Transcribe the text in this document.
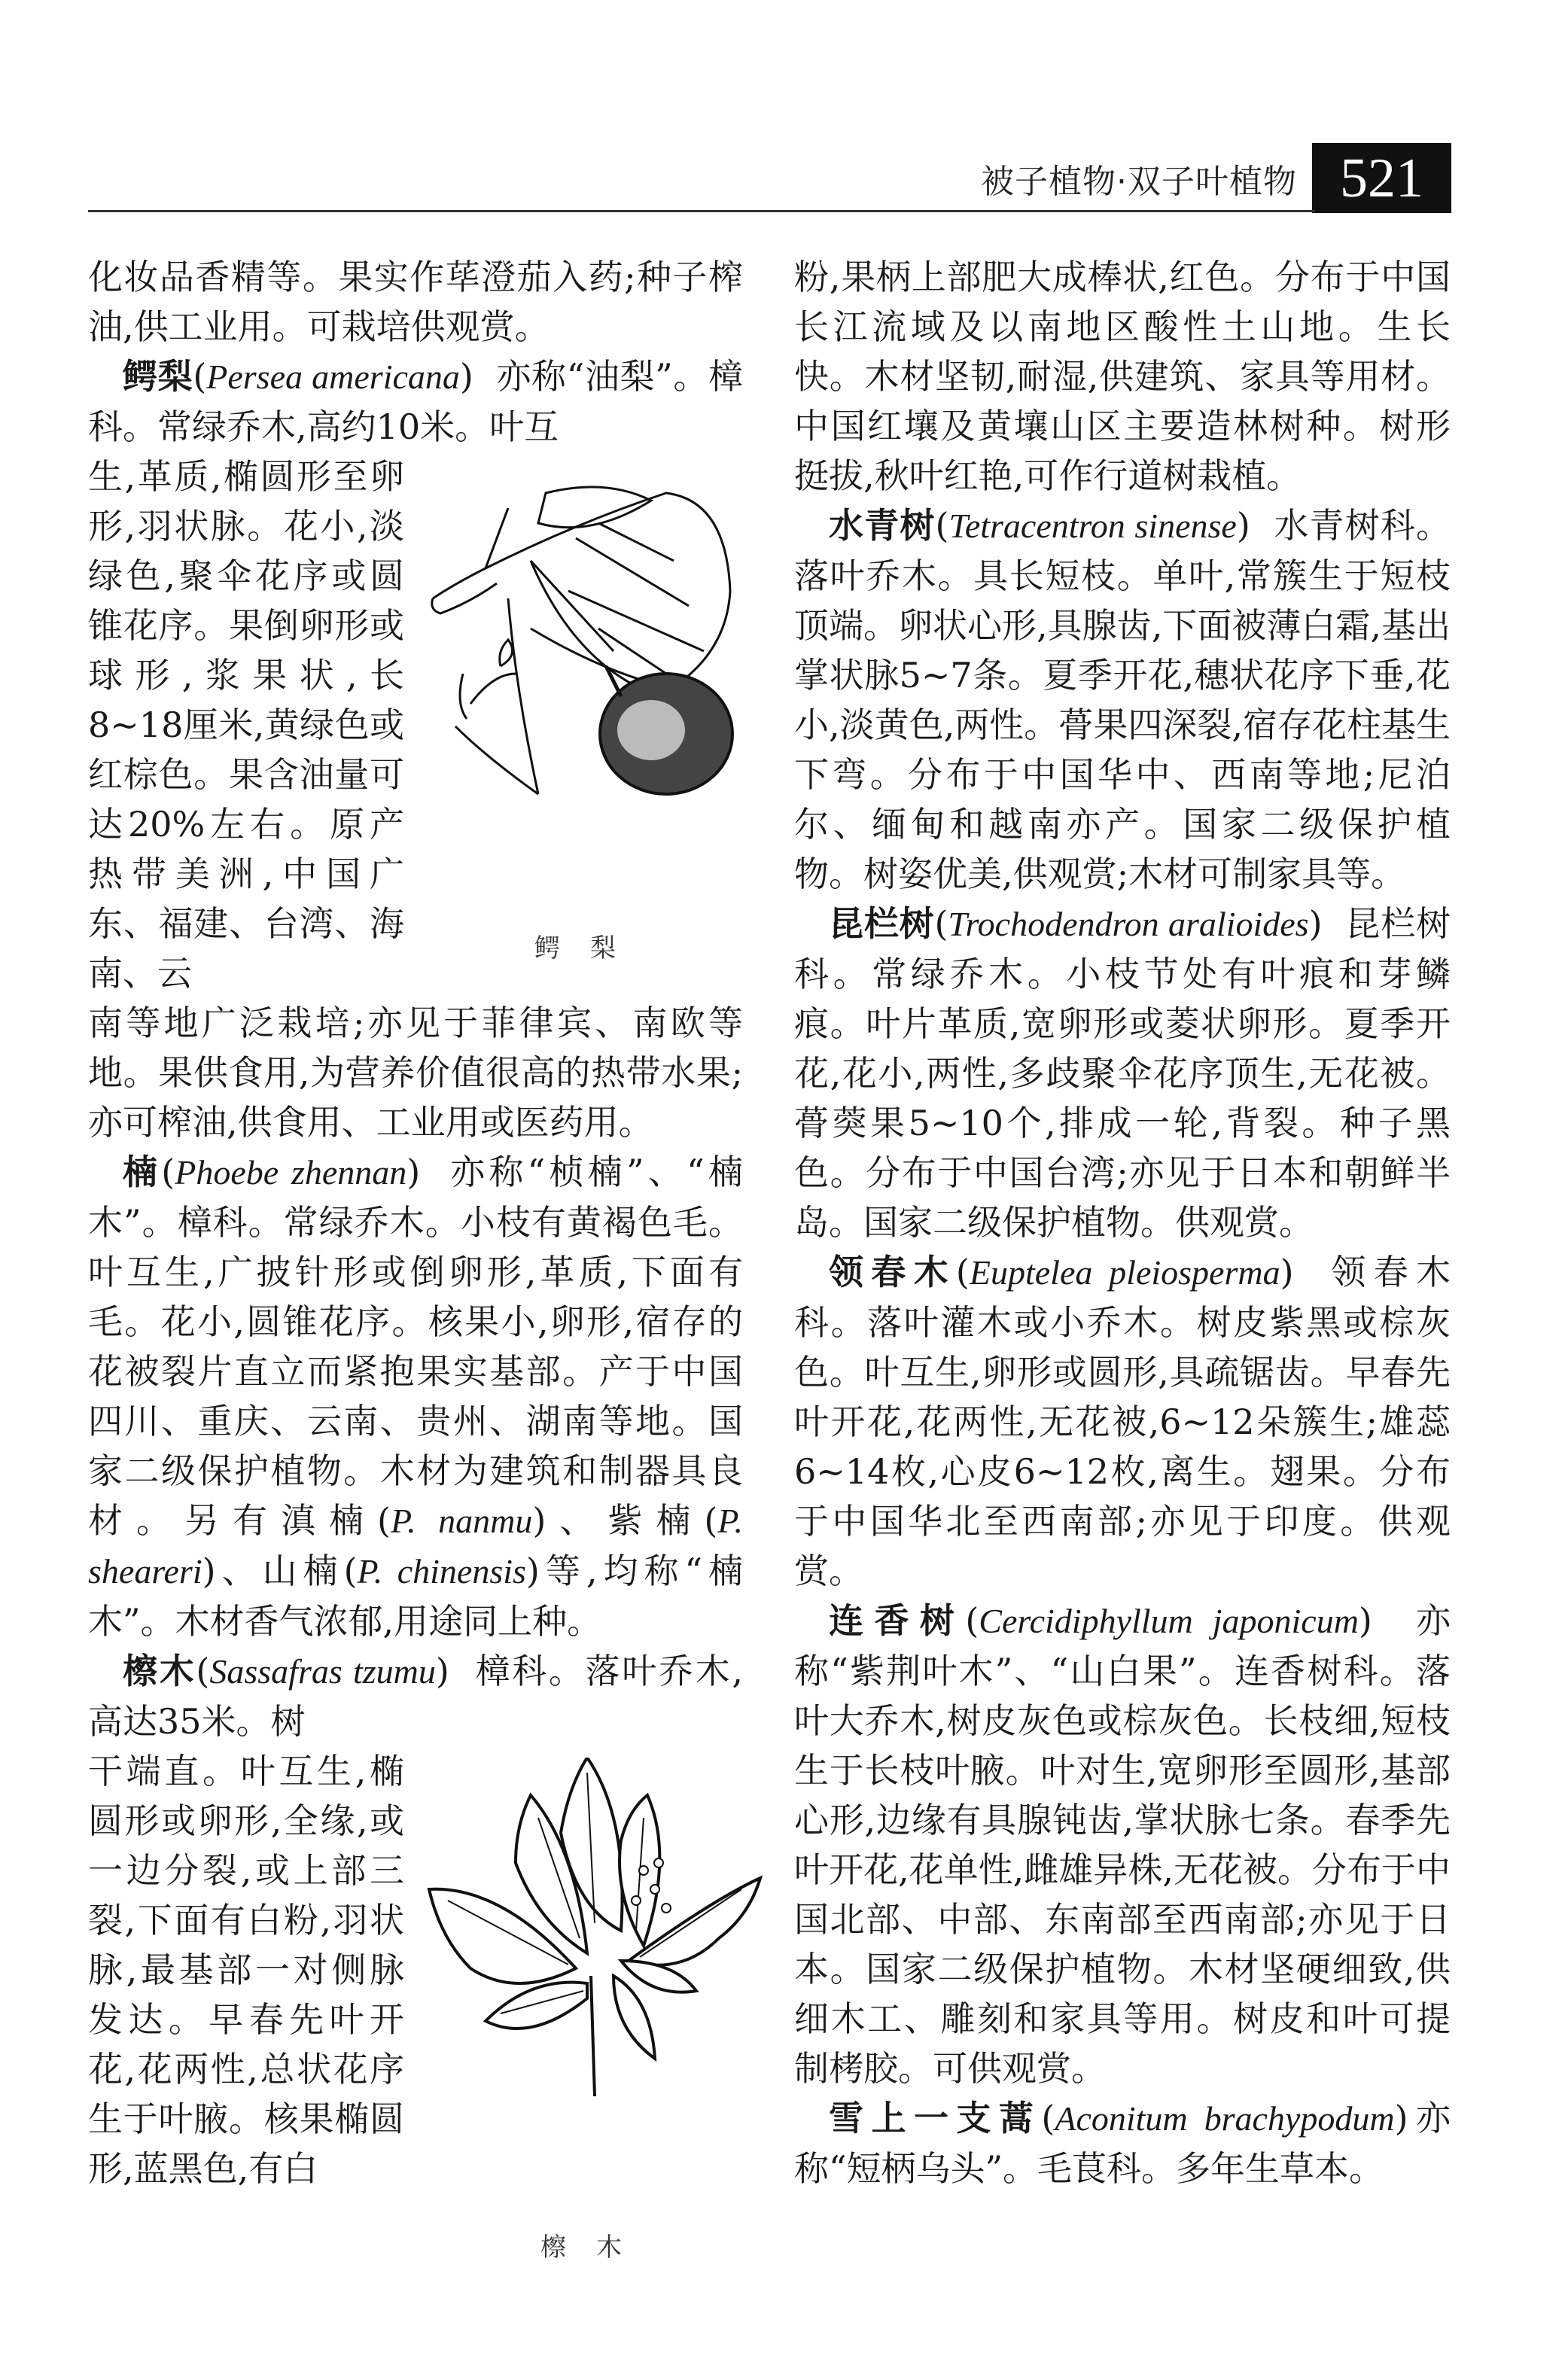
被子植物·双子叶植物 521

化妆品香精等。果实作荜澄茄入药;种子榨油,供工业用。可栽培供观赏。

鳄梨(Persea americana)  亦称“油梨”。樟科。常绿乔木,高约10米。叶互

生,革质,椭圆形至卵形,羽状脉。花小,淡绿色,聚伞花序或圆锥花序。果倒卵形或球形,浆果状,长8~18厘米,黄绿色或红棕色。果含油量可达20%左右。原产热带美洲,中国广东、福建、台湾、海南、云

南等地广泛栽培;亦见于菲律宾、南欧等地。果供食用,为营养价值很高的热带水果;亦可榨油,供食用、工业用或医药用。

楠(Phoebe zhennan)  亦称“桢楠”、“楠木”。樟科。常绿乔木。小枝有黄褐色毛。叶互生,广披针形或倒卵形,革质,下面有毛。花小,圆锥花序。核果小,卵形,宿存的花被裂片直立而紧抱果实基部。产于中国四川、重庆、云南、贵州、湖南等地。国家二级保护植物。木材为建筑和制器具良材。另有滇楠(P. nanmu)、紫楠(P. sheareri)、山楠(P. chinensis)等,均称“楠木”。木材香气浓郁,用途同上种。

檫木(Sassafras tzumu)  樟科。落叶乔木,高达35米。树

干端直。叶互生,椭圆形或卵形,全缘,或一边分裂,或上部三裂,下面有白粉,羽状脉,最基部一对侧脉发达。早春先叶开花,花两性,总状花序生于叶腋。核果椭圆形,蓝黑色,有白

鳄梨
檫木

粉,果柄上部肥大成棒状,红色。分布于中国长江流域及以南地区酸性土山地。生长快。木材坚韧,耐湿,供建筑、家具等用材。中国红壤及黄壤山区主要造林树种。树形挺拔,秋叶红艳,可作行道树栽植。

水青树(Tetracentron sinense)  水青树科。落叶乔木。具长短枝。单叶,常簇生于短枝顶端。卵状心形,具腺齿,下面被薄白霜,基出掌状脉5~7条。夏季开花,穗状花序下垂,花小,淡黄色,两性。蓇果四深裂,宿存花柱基生下弯。分布于中国华中、西南等地;尼泊尔、缅甸和越南亦产。国家二级保护植物。树姿优美,供观赏;木材可制家具等。

昆栏树(Trochodendron aralioides)  昆栏树科。常绿乔木。小枝节处有叶痕和芽鳞痕。叶片革质,宽卵形或菱状卵形。夏季开花,花小,两性,多歧聚伞花序顶生,无花被。蓇葖果5~10个,排成一轮,背裂。种子黑色。分布于中国台湾;亦见于日本和朝鲜半岛。国家二级保护植物。供观赏。

领春木(Euptelea pleiosperma)  领春木科。落叶灌木或小乔木。树皮紫黑或棕灰色。叶互生,卵形或圆形,具疏锯齿。早春先叶开花,花两性,无花被,6~12朵簇生;雄蕊6~14枚,心皮6~12枚,离生。翅果。分布于中国华北至西南部;亦见于印度。供观赏。

连香树(Cercidiphyllum japonicum)  亦称“紫荆叶木”、“山白果”。连香树科。落叶大乔木,树皮灰色或棕灰色。长枝细,短枝生于长枝叶腋。叶对生,宽卵形至圆形,基部心形,边缘有具腺钝齿,掌状脉七条。春季先叶开花,花单性,雌雄异株,无花被。分布于中国北部、中部、东南部至西南部;亦见于日本。国家二级保护植物。木材坚硬细致,供细木工、雕刻和家具等用。树皮和叶可提制栲胶。可供观赏。

雪上一支蒿(Aconitum brachypodum)亦称“短柄乌头”。毛茛科。多年生草本。
